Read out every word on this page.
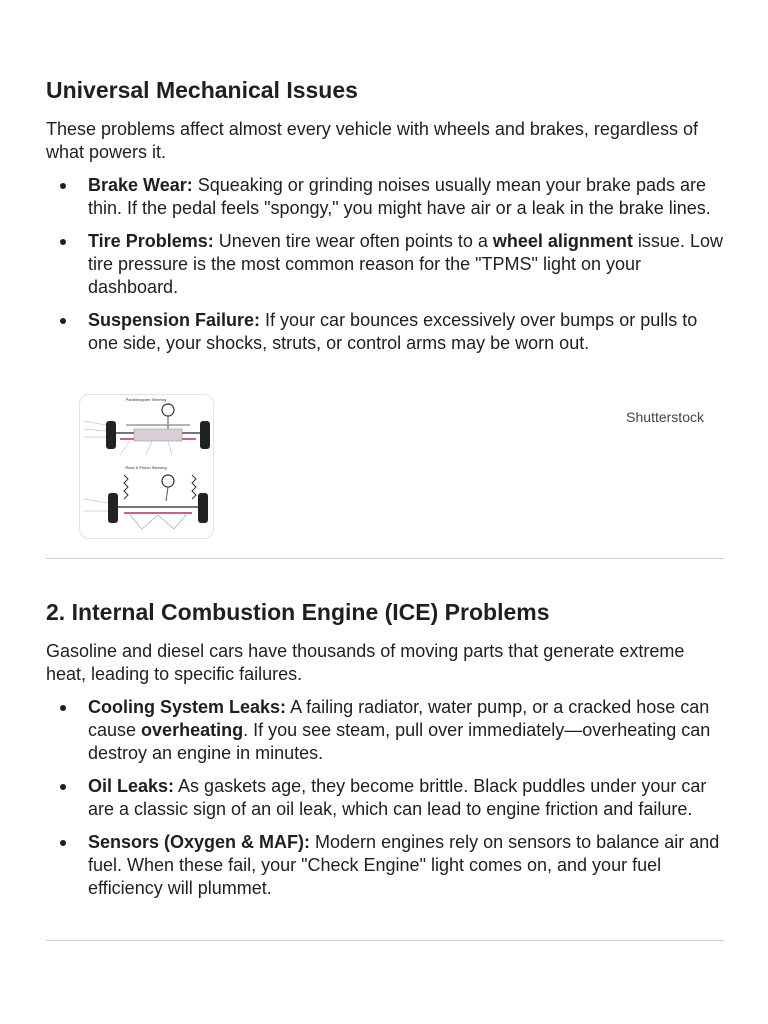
Universal Mechanical Issues

These problems affect almost every vehicle with wheels and brakes, regardless of what powers it.

Brake Wear: Squeaking or grinding noises usually mean your brake pads are thin. If the pedal feels "spongy," you might have air or a leak in the brake lines.
Tire Problems: Uneven tire wear often points to a wheel alignment issue. Low tire pressure is the most common reason for the "TPMS" light on your dashboard.
Suspension Failure: If your car bounces excessively over bumps or pulls to one side, your shocks, struts, or control arms may be worn out.
Parallelogram Steering
Rack & Pinion Steering
Shutterstock
2. Internal Combustion Engine (ICE) Problems

Gasoline and diesel cars have thousands of moving parts that generate extreme heat, leading to specific failures.

Cooling System Leaks: A failing radiator, water pump, or a cracked hose can cause overheating. If you see steam, pull over immediately—overheating can destroy an engine in minutes.
Oil Leaks: As gaskets age, they become brittle. Black puddles under your car are a classic sign of an oil leak, which can lead to engine friction and failure.
Sensors (Oxygen & MAF): Modern engines rely on sensors to balance air and fuel. When these fail, your "Check Engine" light comes on, and your fuel efficiency will plummet.
